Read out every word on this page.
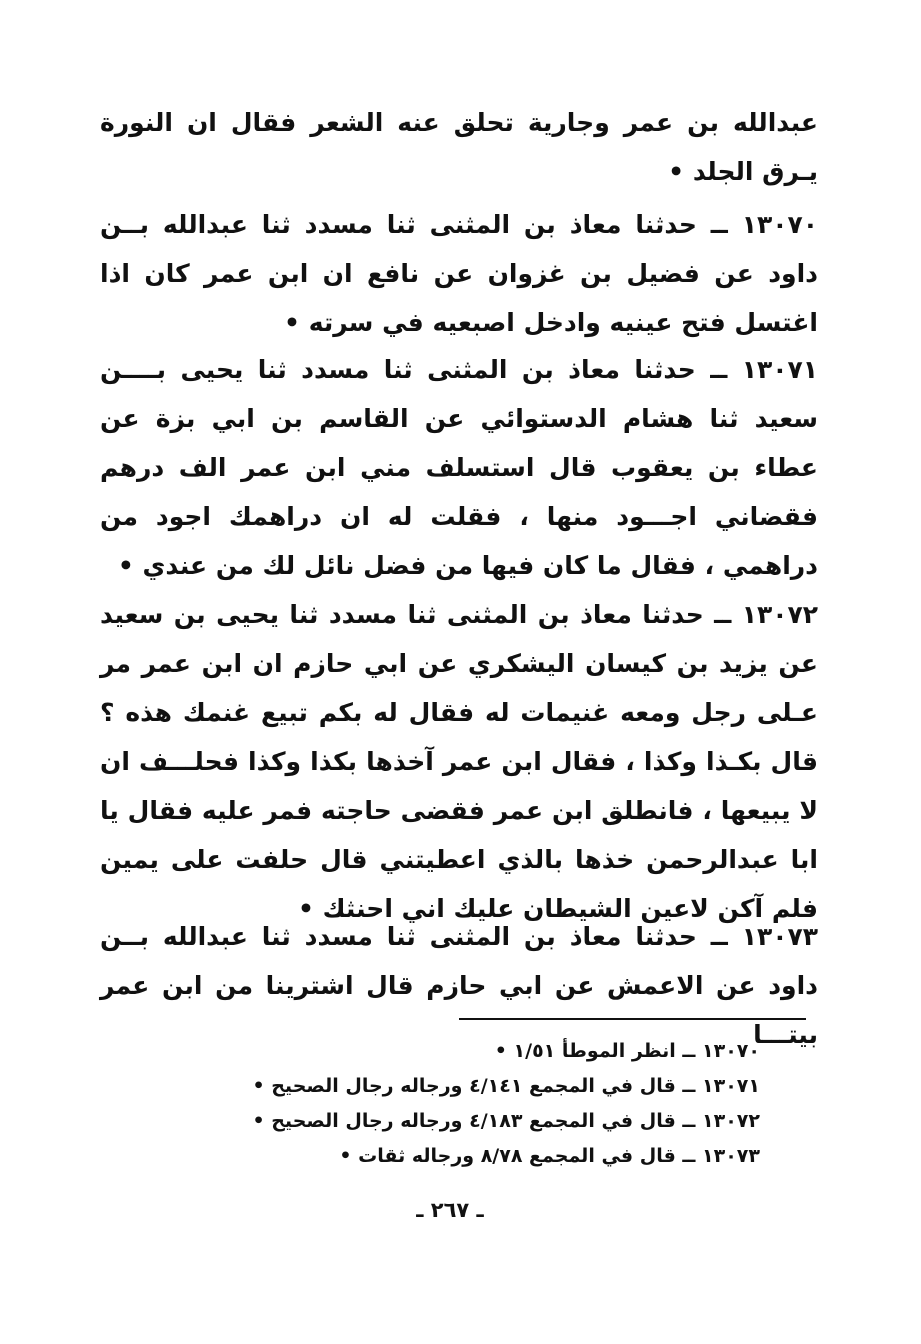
عبدالله بن عمر وجارية تحلق عنه الشعر فقال ان النورة يـرق الجلد •

١٣٠٧٠ ــ حدثنا معاذ بن المثنى ثنا مسدد ثنا عبدالله بــن داود عن فضيل بن غزوان عن نافع ان ابن عمر كان اذا اغتسل فتح عينيه وادخل اصبعيه في سرته •

١٣٠٧١ ــ حدثنا معاذ بن المثنى ثنا مسدد ثنا يحيى بــــن سعيد ثنا هشام الدستوائي عن القاسم بن ابي بزة عن عطاء بن يعقوب قال استسلف مني ابن عمر الف درهم فقضاني اجـــود منها ، فقلت له ان دراهمك اجود من دراهمي ، فقال ما كان فيها من فضل نائل لك من عندي •

١٣٠٧٢ ــ حدثنا معاذ بن المثنى ثنا مسدد ثنا يحيى بن سعيد عن يزيد بن كيسان اليشكري عن ابي حازم ان ابن عمر مر عـلى رجل ومعه غنيمات له فقال له بكم تبيع غنمك هذه ؟ قال بكـذا وكذا ، فقال ابن عمر آخذها بكذا وكذا فحلـــف ان لا يبيعها ، فانطلق ابن عمر فقضى حاجته فمر عليه فقال يا ابا عبدالرحمن خذها بالذي اعطيتني قال حلفت على يمين فلم آكن لاعين الشيطان عليك اني احنثك •

١٣٠٧٣ ــ حدثنا معاذ بن المثنى ثنا مسدد ثنا عبدالله بــن داود عن الاعمش عن ابي حازم قال اشترينا من ابن عمر بيتـــا

١٣٠٧٠ ــ انظر الموطأ ١/٥١ •

١٣٠٧١ ــ قال في المجمع ٤/١٤١ ورجاله رجال الصحيح •

١٣٠٧٢ ــ قال في المجمع ٤/١٨٣ ورجاله رجال الصحيح •

١٣٠٧٣ ــ قال في المجمع ٨/٧٨ ورجاله ثقات •

ـ ٢٦٧ ـ
